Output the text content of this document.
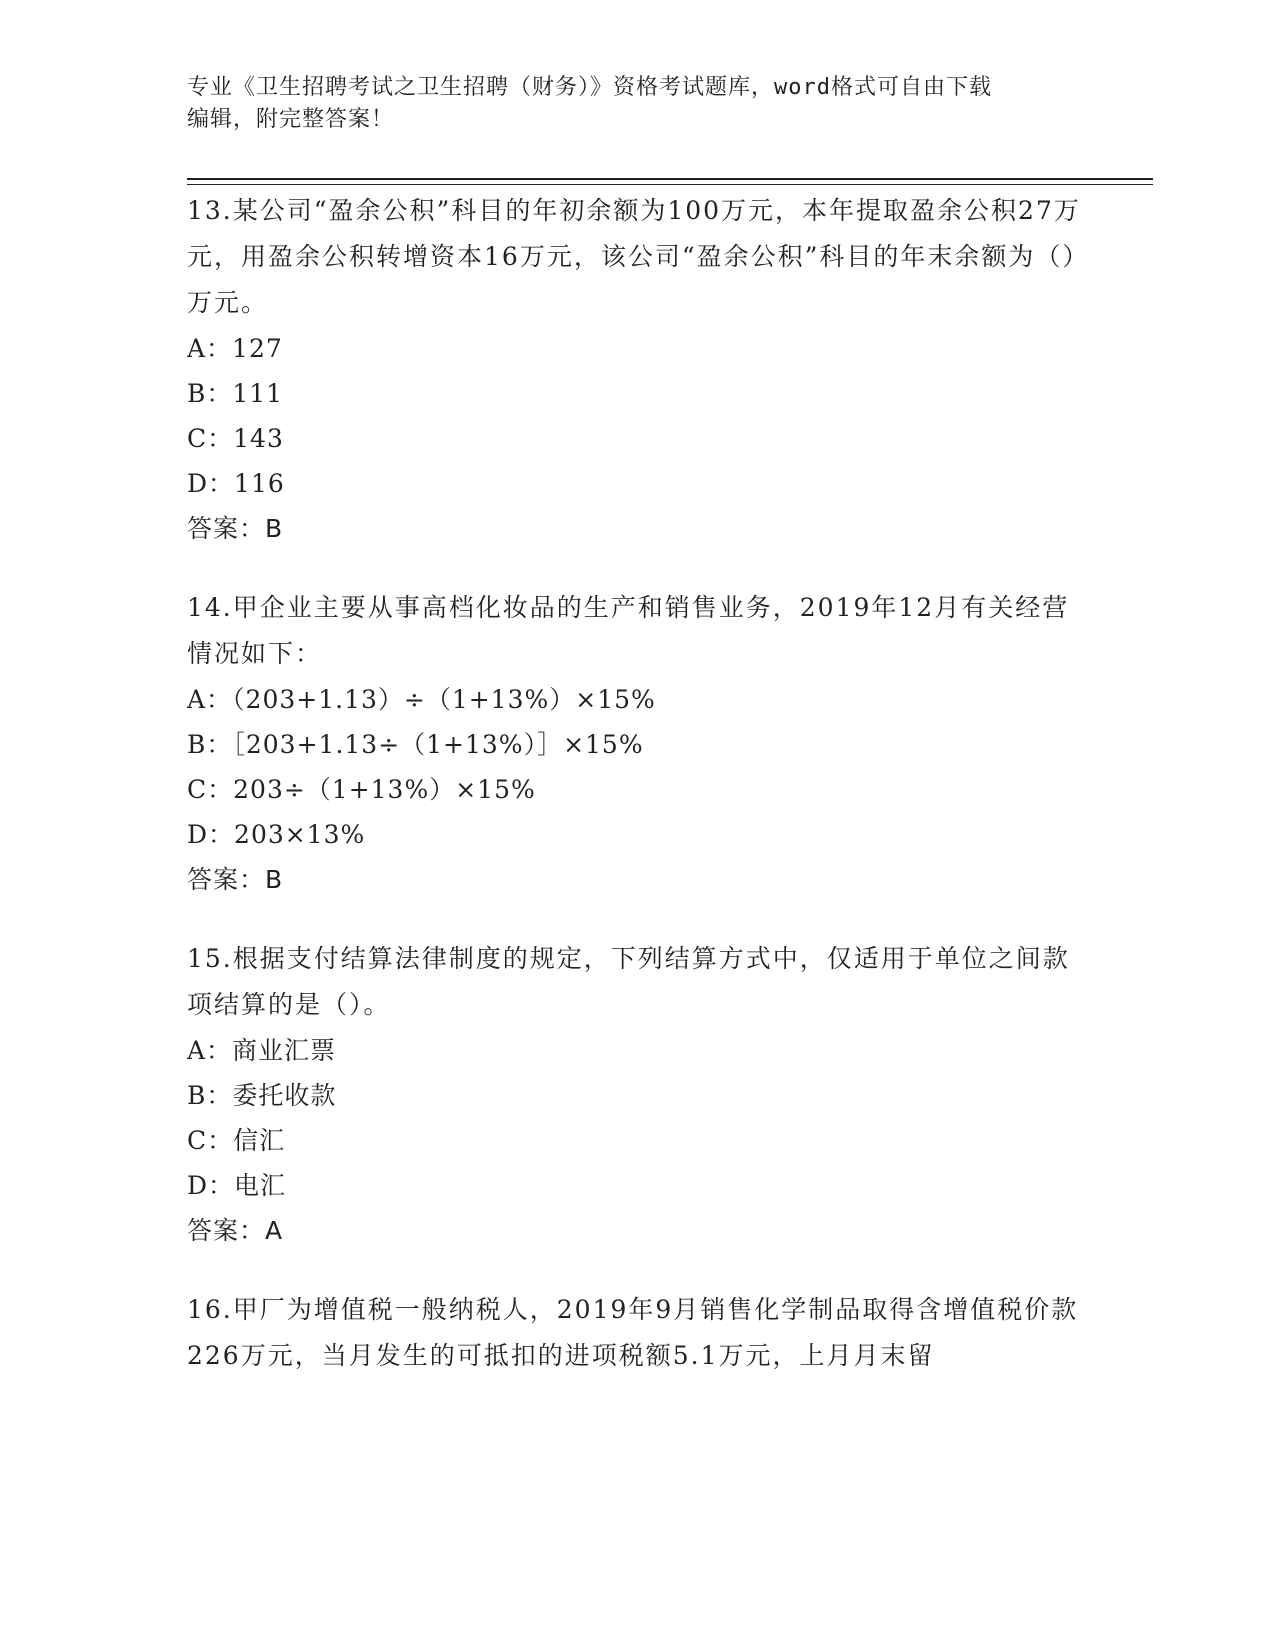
专业《卫生招聘考试之卫生招聘（财务）》资格考试题库，word格式可自由下载
编辑，附完整答案！

13.某公司“盈余公积”科目的年初余额为100万元，本年提取盈余公积27万元，用盈余公积转增资本16万元，该公司“盈余公积”科目的年末余额为（）万元。

A：127

B：111

C：143

D：116

答案：B

14.甲企业主要从事高档化妆品的生产和销售业务，2019年12月有关经营情况如下：

A：（203+1.13）÷（1+13%）×15%

B：［203+1.13÷（1+13%）］×15%

C：203÷（1+13%）×15%

D：203×13%

答案：B

15.根据支付结算法律制度的规定，下列结算方式中，仅适用于单位之间款项结算的是（）。

A：商业汇票

B：委托收款

C：信汇

D：电汇

答案：A

16.甲厂为增值税一般纳税人，2019年9月销售化学制品取得含增值税价款226万元，当月发生的可抵扣的进项税额5.1万元，上月月末留
